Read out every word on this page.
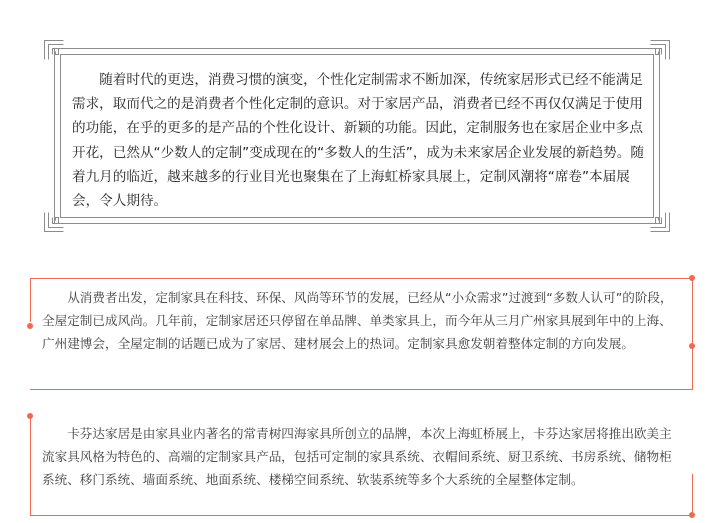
随着时代的更迭，消费习惯的演变，个性化定制需求不断加深，传统家居形式已经不能满足需求，取而代之的是消费者个性化定制的意识。对于家居产品，消费者已经不再仅仅满足于使用的功能，在乎的更多的是产品的个性化设计、新颖的功能。因此，定制服务也在家居企业中多点开花，已然从“少数人的定制”变成现在的“多数人的生活”，成为未来家居企业发展的新趋势。随着九月的临近，越来越多的行业目光也聚集在了上海虹桥家具展上，定制风潮将“席卷”本届展会，令人期待。

从消费者出发，定制家具在科技、环保、风尚等环节的发展，已经从“小众需求”过渡到“多数人认可”的阶段，全屋定制已成风尚。几年前，定制家居还只停留在单品牌、单类家具上，而今年从三月广州家具展到年中的上海、广州建博会，全屋定制的话题已成为了家居、建材展会上的热词。定制家具愈发朝着整体定制的方向发展。

卡芬达家居是由家具业内著名的常青树四海家具所创立的品牌，本次上海虹桥展上，卡芬达家居将推出欧美主流家具风格为特色的、高端的定制家具产品，包括可定制的家具系统、衣帽间系统、厨卫系统、书房系统、储物柜系统、移门系统、墙面系统、地面系统、楼梯空间系统、软装系统等多个大系统的全屋整体定制。
